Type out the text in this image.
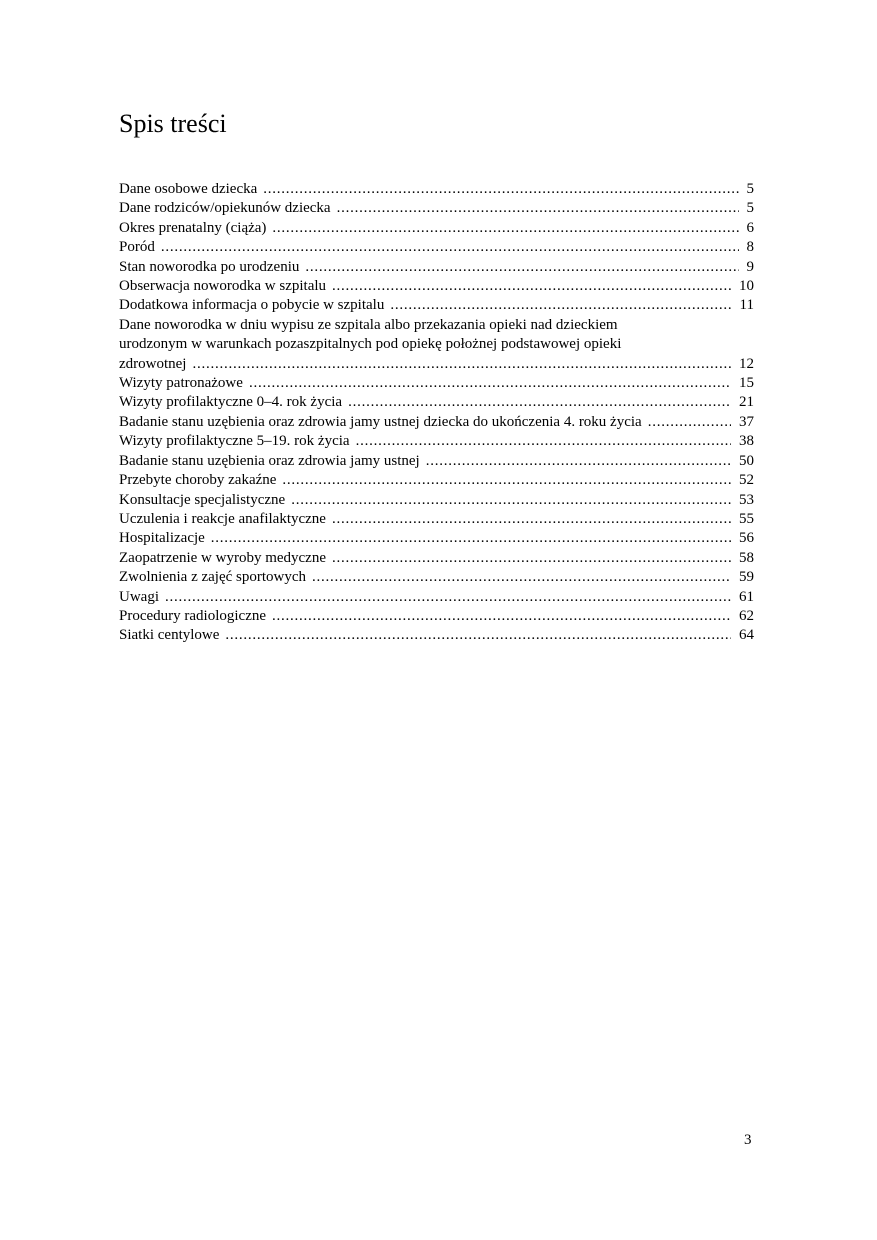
Spis treści
Dane osobowe dziecka . . .	5
Dane rodziców/opiekunów dziecka . . .	5
Okres prenatalny (ciąża) . . .	6
Poród . . .	8
Stan noworodka po urodzeniu . . .	9
Obserwacja noworodka w szpitalu . . .	10
Dodatkowa informacja o pobycie w szpitalu . . .	11
Dane noworodka w dniu wypisu ze szpitala albo przekazania opieki nad dzieckiem
urodzonym w warunkach pozaszpitalnych pod opiekę położnej podstawowej opieki
zdrowotnej . . .	12
Wizyty patronażowe . . .	15
Wizyty profilaktyczne 0–4. rok życia . . .	21
Badanie stanu uzębienia oraz zdrowia jamy ustnej dziecka do ukończenia 4. roku życia . . .	37
Wizyty profilaktyczne 5–19. rok życia . . .	38
Badanie stanu uzębienia oraz zdrowia jamy ustnej . . .	50
Przebyte choroby zakaźne . . .	52
Konsultacje specjalistyczne . . .	53
Uczulenia i reakcje anafilaktyczne . . .	55
Hospitalizacje . . .	56
Zaopatrzenie w wyroby medyczne . . .	58
Zwolnienia z zajęć sportowych . . .	59
Uwagi . . .	61
Procedury radiologiczne . . .	62
Siatki centylowe . . .	64
3
